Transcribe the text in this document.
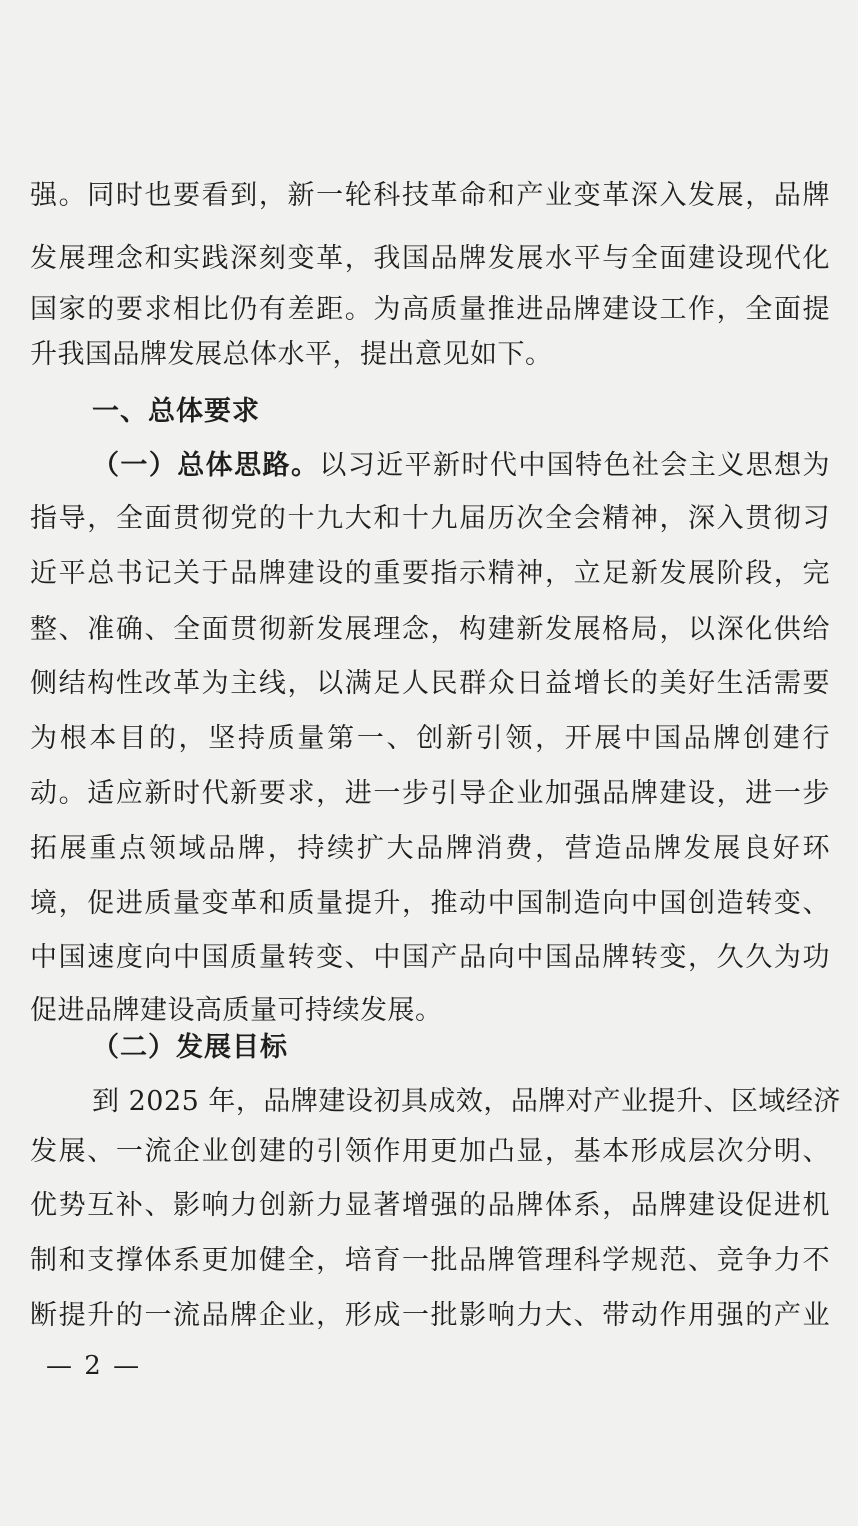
强。同时也要看到，新一轮科技革命和产业变革深入发展，品牌
发展理念和实践深刻变革，我国品牌发展水平与全面建设现代化
国家的要求相比仍有差距。为高质量推进品牌建设工作，全面提
升我国品牌发展总体水平，提出意见如下。
一、总体要求
（一）总体思路。以习近平新时代中国特色社会主义思想为
指导，全面贯彻党的十九大和十九届历次全会精神，深入贯彻习
近平总书记关于品牌建设的重要指示精神，立足新发展阶段，完
整、准确、全面贯彻新发展理念，构建新发展格局，以深化供给
侧结构性改革为主线，以满足人民群众日益增长的美好生活需要
为根本目的，坚持质量第一、创新引领，开展中国品牌创建行
动。适应新时代新要求，进一步引导企业加强品牌建设，进一步
拓展重点领域品牌，持续扩大品牌消费，营造品牌发展良好环
境，促进质量变革和质量提升，推动中国制造向中国创造转变、
中国速度向中国质量转变、中国产品向中国品牌转变，久久为功
促进品牌建设高质量可持续发展。
（二）发展目标
到 2025 年，品牌建设初具成效，品牌对产业提升、区域经济
发展、一流企业创建的引领作用更加凸显，基本形成层次分明、
优势互补、影响力创新力显著增强的品牌体系，品牌建设促进机
制和支撑体系更加健全，培育一批品牌管理科学规范、竞争力不
断提升的一流品牌企业，形成一批影响力大、带动作用强的产业
— 2 —
